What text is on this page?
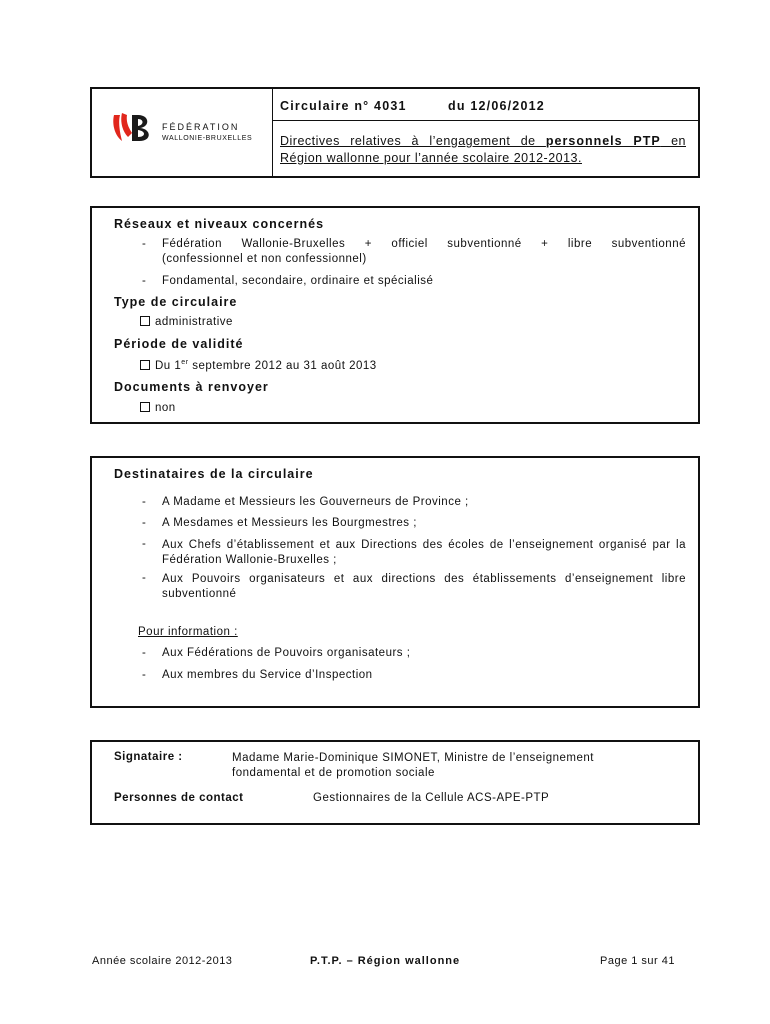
FÉDÉRATION
WALLONIE-BRUXELLES
Circulaire n° 4031	du 12/06/2012
Directives relatives à l’engagement de personnels PTP en Région wallonne pour l’année scolaire 2012-2013.
Réseaux et niveaux concernés
- Fédération Wallonie-Bruxelles + officiel subventionné + libre subventionné
(confessionnel et non confessionnel)
- Fondamental, secondaire, ordinaire et spécialisé
Type de circulaire
administrative
Période de validité
Du 1er septembre 2012 au 31 août 2013
Documents à renvoyer
non
Destinataires de la circulaire
- A Madame et Messieurs les Gouverneurs de Province ;
- A Mesdames et Messieurs les Bourgmestres ;
- Aux Chefs d’établissement et aux Directions des écoles de l’enseignement organisé par la Fédération Wallonie-Bruxelles ;
- Aux Pouvoirs organisateurs et aux directions des établissements d’enseignement libre subventionné
Pour information :
- Aux Fédérations de Pouvoirs organisateurs ;
- Aux membres du Service d’Inspection
Signataire :	Madame Marie-Dominique SIMONET, Ministre de l’enseignement fondamental et de promotion sociale
Personnes de contact	Gestionnaires de la Cellule ACS-APE-PTP
Année scolaire 2012-2013	P.T.P. – Région wallonne	Page 1 sur 41
